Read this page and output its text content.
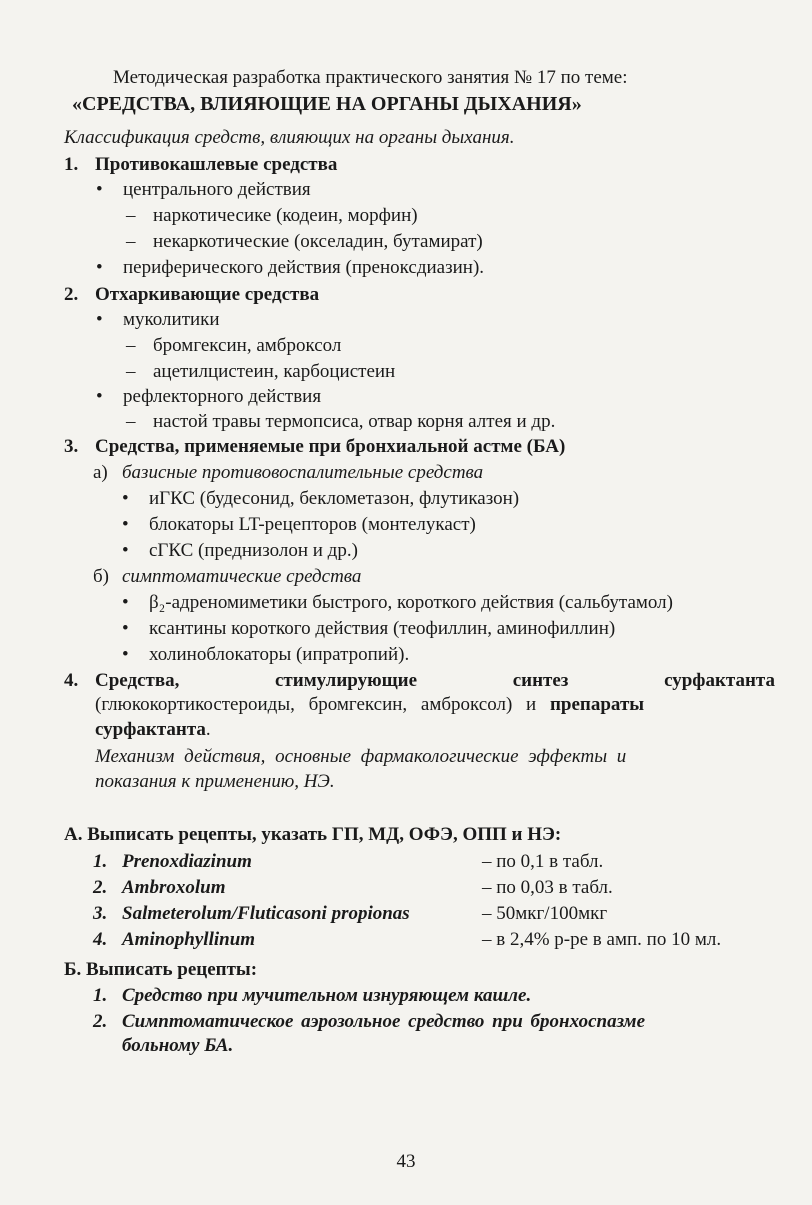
Методическая разработка практического занятия № 17 по теме:
«СРЕДСТВА, ВЛИЯЮЩИЕ НА ОРГАНЫ ДЫХАНИЯ»
Классификация средств, влияющих на органы дыхания.
1. Противокашлевые средства
• центрального действия
– наркотичесике (кодеин, морфин)
– некаркотические (окселадин, бутамират)
• периферического действия (преноксдиазин).
2. Отхаркивающие средства
• муколитики
– бромгексин, амброксол
– ацетилцистеин, карбоцистеин
• рефлекторного действия
– настой травы термопсиса, отвар корня алтея и др.
3. Средства, применяемые при бронхиальной астме (БА)
а) базисные противовоспалительные средства
• иГКС (будесонид, беклометазон, флутиказон)
• блокаторы LT-рецепторов (монтелукаст)
• сГКС (преднизолон и др.)
б) симптоматические средства
• β₂-адреномиметики быстрого, короткого действия (сальбутамол)
• ксантины короткого действия (теофиллин, аминофиллин)
• холиноблокаторы (ипратропий).
4. Средства,	стимулирующие	синтез	сурфактанта
(глюкокортикостероиды, бромгексин, амброксол) и препараты
сурфактанта.
Механизм действия, основные фармакологические эффекты и
показания к применению, НЭ.
А. Выписать рецепты, указать ГП, МД, ОФЭ, ОПП и НЭ:
1. Prenoxdiazinum	– по 0,1 в табл.
2. Ambroxolum	– по 0,03 в табл.
3. Salmeterolum/Fluticasoni propionas	– 50мкг/100мкг
4. Aminophyllinum	– в 2,4% р-ре в амп. по 10 мл.
Б. Выписать рецепты:
1. Средство при мучительном изнуряющем кашле.
2. Симптоматическое аэрозольное средство при бронхоспазме
больному БА.
43
